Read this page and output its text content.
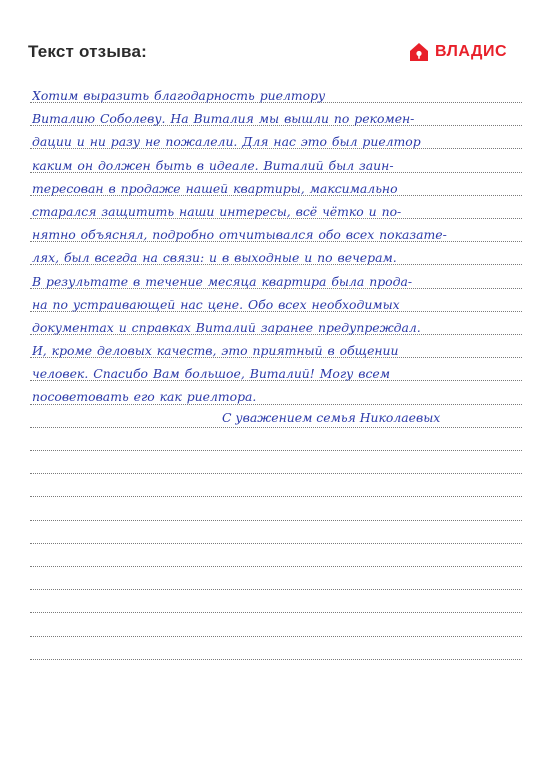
Текст отзыва:	ВЛАДИС
Хотим выразить благодарность риелтору
Виталию Соболеву. На Виталия мы вышли по рекомен-
дации и ни разу не пожалели. Для нас это был риелтор
каким он должен быть в идеале. Виталий был заин-
тересован в продаже нашей квартиры, максимально
старался защитить наши интересы, всё чётко и по-
нятно объяснял, подробно отчитывался обо всех показате-
лях, был всегда на связи: и в выходные и по вечерам.
В результате в течение месяца квартира была прода-
на по устраивающей нас цене. Обо всех необходимых
документах и справках Виталий заранее предупреждал.
И, кроме деловых качеств, это приятный в общении
человек. Спасибо Вам большое, Виталий! Могу всем
посоветовать его как риелтора.
С уважением семья Николаевых
